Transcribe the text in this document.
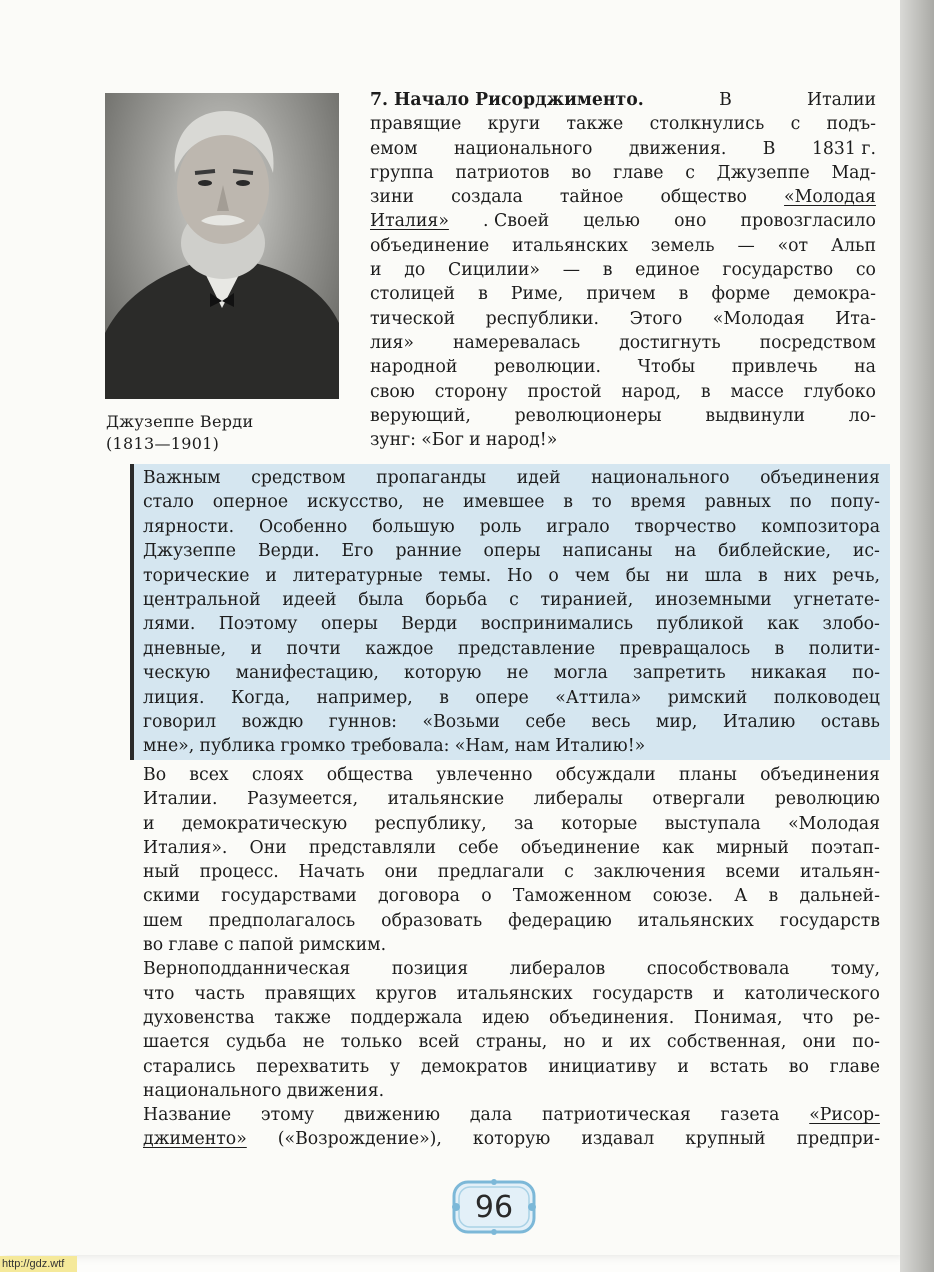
Джузеппе Верди
(1813—1901)
7. Начало Рисорджименто.	В	Италии
правящие круги также столкнулись с подъ-
емом национального движения. В 1831 г.
группа патриотов во главе с Джузеппе Мад-
зини создала тайное общество «Молодая
Италия» . Своей целью оно провозгласило
объединение итальянских земель — «от Альп
и до Сицилии» — в единое государство со
столицей в Риме, причем в форме демокра-
тической республики. Этого «Молодая Ита-
лия» намеревалась достигнуть посредством
народной революции. Чтобы привлечь на
свою сторону простой народ, в массе глубоко
верующий,	революционеры	выдвинули	ло-
зунг: «Бог и народ!»
Важным средством пропаганды идей национального объединения
стало оперное искусство, не имевшее в то время равных по попу-
лярности. Особенно большую роль играло творчество композитора
Джузеппе Верди. Его ранние оперы написаны на библейские, ис-
торические и литературные темы. Но о чем бы ни шла в них речь,
центральной идеей была борьба с тиранией, иноземными угнетате-
лями. Поэтому оперы Верди воспринимались публикой как злобо-
дневные, и почти каждое представление превращалось в полити-
ческую манифестацию, которую не могла запретить никакая по-
лиция. Когда, например, в опере «Аттила» римский полководец
говорил вождю гуннов: «Возьми себе весь мир, Италию оставь
мне», публика громко требовала: «Нам, нам Италию!»
Во всех слоях общества увлеченно обсуждали планы объединения
Италии. Разумеется, итальянские либералы отвергали революцию
и демократическую республику, за которые выступала «Молодая
Италия». Они представляли себе объединение как мирный поэтап-
ный процесс. Начать они предлагали с заключения всеми итальян-
скими государствами договора о Таможенном союзе. А в дальней-
шем предполагалось образовать федерацию итальянских государств
во главе с папой римским.
Верноподданническая позиция либералов способствовала тому,
что часть правящих кругов итальянских государств и католического
духовенства также поддержала идею объединения. Понимая, что ре-
шается судьба не только всей страны, но и их собственная, они по-
старались перехватить у демократов инициативу и встать во главе
национального движения.
Название этому движению дала патриотическая газета «Рисор-
джименто» («Возрождение»), которую издавал крупный предпри-
96
http://gdz.wtf
